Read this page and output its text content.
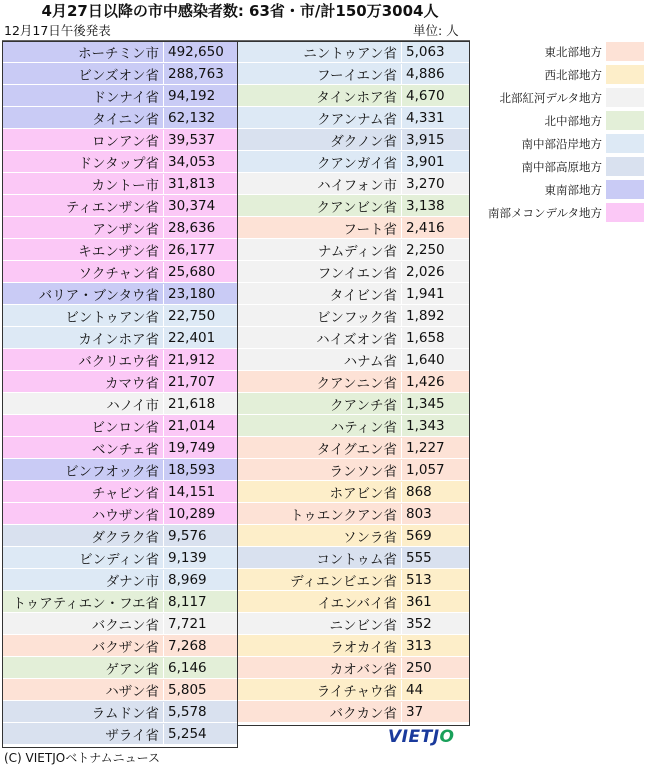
4月27日以降の市中感染者数: 63省・市/計150万3004人
12月17日午後発表	単位: 人
ホーチミン市 492,650
ビンズオン省 288,763
ドンナイ省 94,192
タイニン省 62,132
ロンアン省 39,537
ドンタップ省 34,053
カントー市 31,813
ティエンザン省 30,374
アンザン省 28,636
キエンザン省 26,177
ソクチャン省 25,680
バリア・ブンタウ省 23,180
ビントゥアン省 22,750
カインホア省 22,401
バクリエウ省 21,912
カマウ省 21,707
ハノイ市 21,618
ビンロン省 21,014
ベンチェ省 19,749
ビンフオック省 18,593
チャビン省 14,151
ハウザン省 10,289
ダクラク省 9,576
ビンディン省 9,139
ダナン市 8,969
トゥアティエン・フエ省 8,117
バクニン省 7,721
バクザン省 7,268
ゲアン省 6,146
ハザン省 5,805
ラムドン省 5,578
ザライ省 5,254
ニントゥアン省 5,063
フーイエン省 4,886
タインホア省 4,670
クアンナム省 4,331
ダクノン省 3,915
クアンガイ省 3,901
ハイフォン市 3,270
クアンビン省 3,138
フート省 2,416
ナムディン省 2,250
フンイエン省 2,026
タイビン省 1,941
ビンフック省 1,892
ハイズオン省 1,658
ハナム省 1,640
クアンニン省 1,426
クアンチ省 1,345
ハティン省 1,343
タイグエン省 1,227
ランソン省 1,057
ホアビン省 868
トゥエンクアン省 803
ソンラ省 569
コントゥム省 555
ディエンビエン省 513
イエンバイ省 361
ニンビン省 352
ラオカイ省 313
カオバン省 250
ライチャウ省 44
バクカン省 37
東北部地方
西北部地方
北部紅河デルタ地方
北中部地方
南中部沿岸地方
南中部高原地方
東南部地方
南部メコンデルタ地方
VIETJO
(C) VIETJOベトナムニュース
